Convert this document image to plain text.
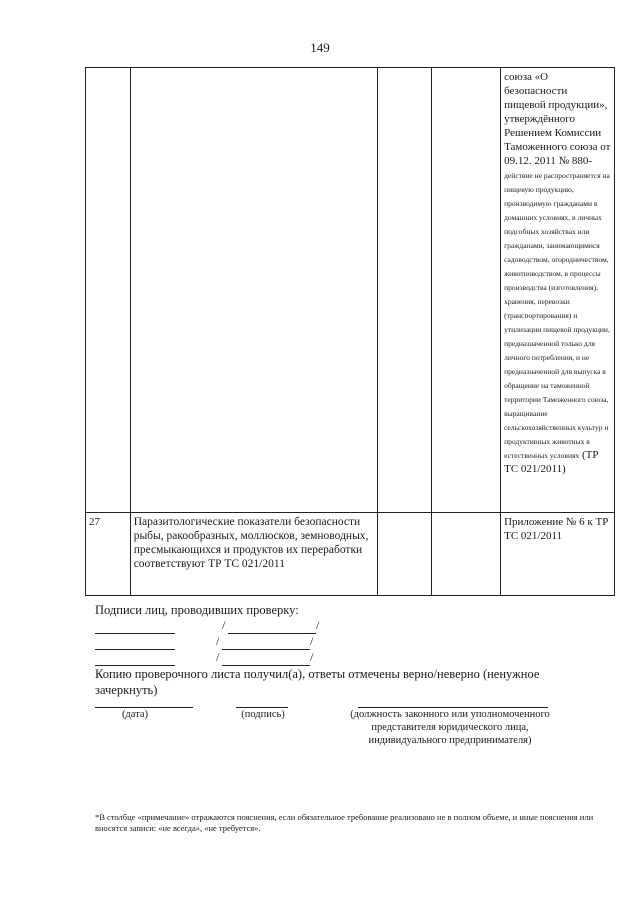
149
				союза «О безопасности пищевой продукции», утверждённого Решением Комиссии Таможенного союза от 09.12. 2011 № 880-действие не распространяется на пищевую продукцию, производимую гражданами в домашних условиях, в личных подсобных хозяйствах или гражданами, занимающимися садоводством, огородничеством, животноводством, в процессы производства (изготовления), хранения, перевозки (транспортирования) и утилизации пищевой продукции, предназначенной только для личного потребления, и не предназначенной для выпуска в обращение на таможенной территории Таможенного союза, выращивание сельскохозяйственных культур и продуктивных животных в естественных условиях (ТР ТС 021/2011)
27	Паразитологические показатели безопасности рыбы, ракообразных, моллюсков, земноводных, пресмыкающихся и продуктов их переработки соответствуют ТР ТС 021/2011			Приложение № 6 к ТР ТС 021/2011
Подписи лиц, проводивших проверку:
/	/
/	/
/	/
Копию проверочного листа получил(а), ответы отмечены верно/неверно (ненужное зачеркнуть)
(дата)	(подпись)	(должность законного или уполномоченного представителя юридического лица, индивидуального предпринимателя)
*В столбце «примечание» отражаются пояснения, если обязательное требование реализовано не в полном объеме, и иные пояснения или вносятся записи: «не всегда», «не требуется».
